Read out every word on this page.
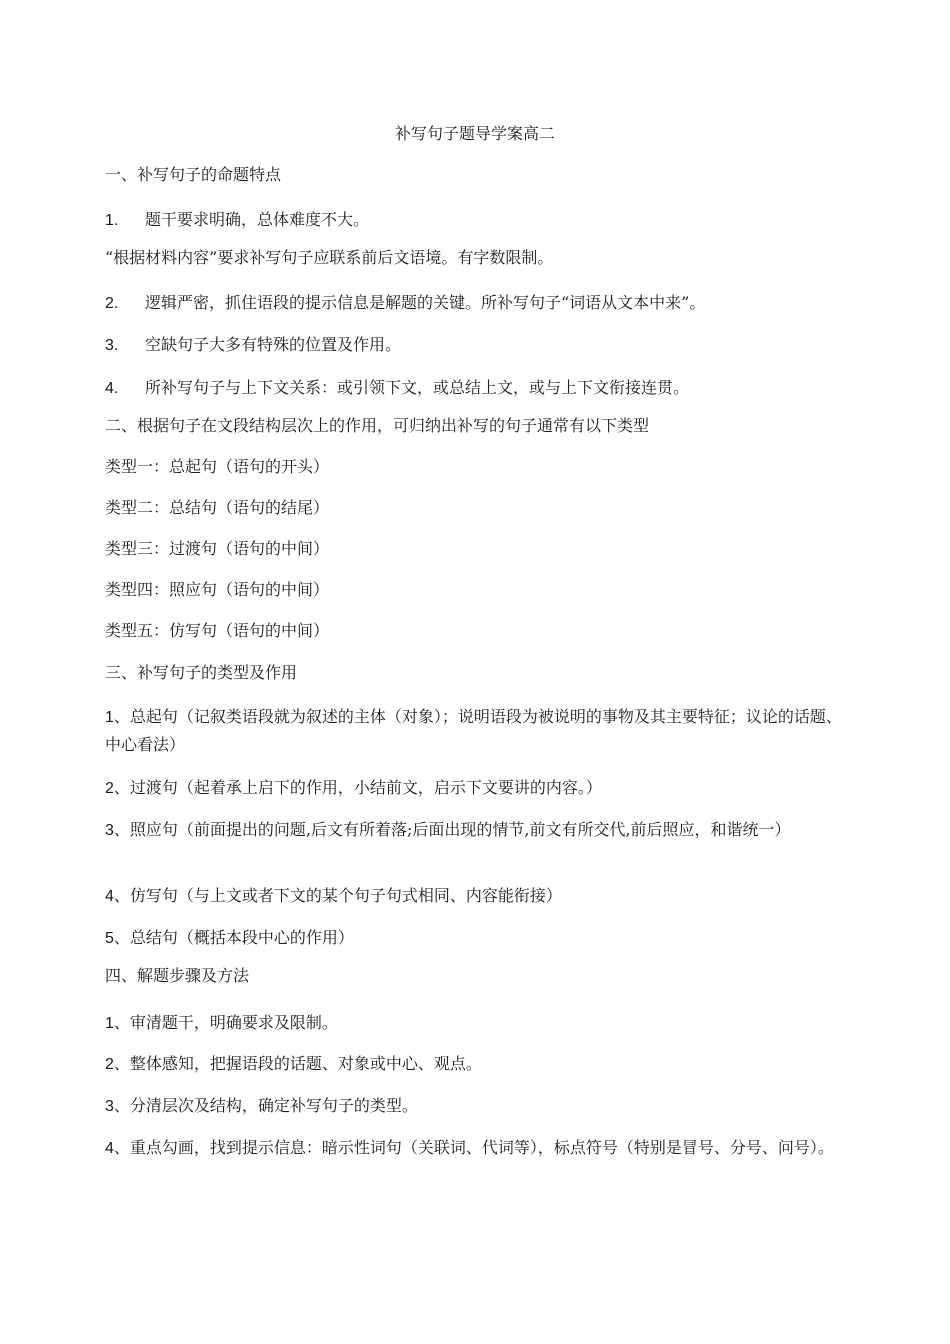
补写句子题导学案高二
一、补写句子的命题特点
1. 题干要求明确，总体难度不大。
“根据材料内容”要求补写句子应联系前后文语境。有字数限制。
2. 逻辑严密，抓住语段的提示信息是解题的关键。所补写句子“词语从文本中来”。
3. 空缺句子大多有特殊的位置及作用。
4. 所补写句子与上下文关系：或引领下文，或总结上文，或与上下文衔接连贯。
二、根据句子在文段结构层次上的作用，可归纳出补写的句子通常有以下类型
类型一：总起句（语句的开头）
类型二：总结句（语句的结尾）
类型三：过渡句（语句的中间）
类型四：照应句（语句的中间）
类型五：仿写句（语句的中间）
三、补写句子的类型及作用
1、总起句（记叙类语段就为叙述的主体（对象）；说明语段为被说明的事物及其主要特征；议论的话题、中心看法）
2、过渡句（起着承上启下的作用，小结前文，启示下文要讲的内容。）
3、照应句（前面提出的问题,后文有所着落;后面出现的情节,前文有所交代,前后照应，和谐统一）
4、仿写句（与上文或者下文的某个句子句式相同、内容能衔接）
5、总结句（概括本段中心的作用）
四、解题步骤及方法
1、审清题干，明确要求及限制。
2、整体感知，把握语段的话题、对象或中心、观点。
3、分清层次及结构，确定补写句子的类型。
4、重点勾画，找到提示信息：暗示性词句（关联词、代词等），标点符号（特别是冒号、分号、问号）。
